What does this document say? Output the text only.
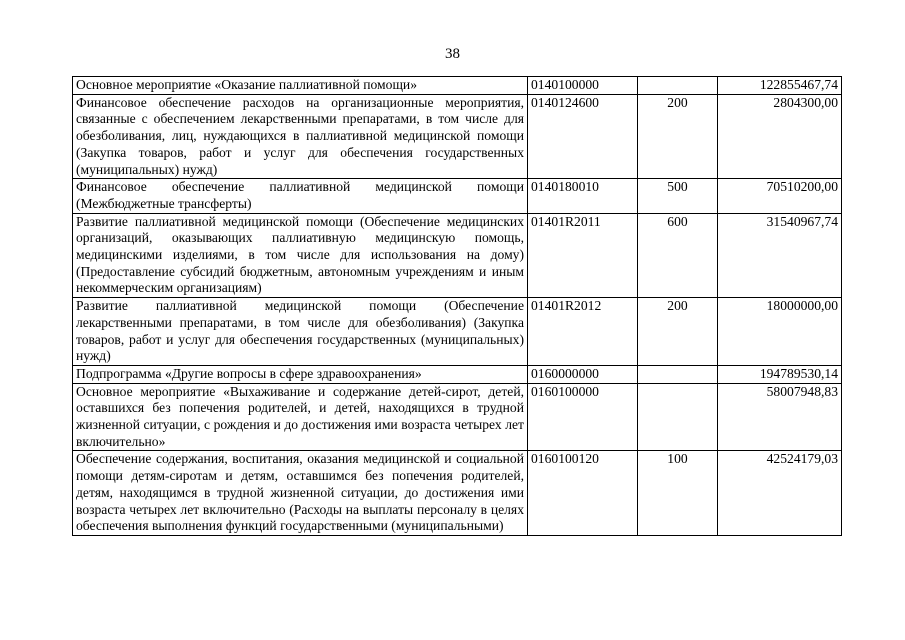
38
Основное мероприятие «Оказание паллиативной помощи»	0140100000		122855467,74
Финансовое обеспечение расходов на организационные мероприятия, связанные с обеспечением лекарственными препаратами, в том числе для обезболивания, лиц, нуждающихся в паллиативной медицинской помощи (Закупка товаров, работ и услуг для обеспечения государственных (муниципальных) нужд)	0140124600	200	2804300,00
Финансовое обеспечение паллиативной медицинской помощи (Межбюджетные трансферты)	0140180010	500	70510200,00
Развитие паллиативной медицинской помощи (Обеспечение медицинских организаций, оказывающих паллиативную медицинскую помощь, медицинскими изделиями, в том числе для использования на дому) (Предоставление субсидий бюджетным, автономным учреждениям и иным некоммерческим организациям)	01401R2011	600	31540967,74
Развитие паллиативной медицинской помощи (Обеспечение лекарственными препаратами, в том числе для обезболивания) (Закупка товаров, работ и услуг для обеспечения государственных (муниципальных) нужд)	01401R2012	200	18000000,00
Подпрограмма «Другие вопросы в сфере здравоохранения»	0160000000		194789530,14
Основное мероприятие «Выхаживание и содержание детей-сирот, детей, оставшихся без попечения родителей, и детей, находящихся в трудной жизненной ситуации, с рождения и до достижения ими возраста четырех лет включительно»	0160100000		58007948,83
Обеспечение содержания, воспитания, оказания медицинской и социальной помощи детям-сиротам и детям, оставшимся без попечения родителей, детям, находящимся в трудной жизненной ситуации, до достижения ими возраста четырех лет включительно (Расходы на выплаты персоналу в целях обеспечения выполнения функций государственными (муниципальными)	0160100120	100	42524179,03
